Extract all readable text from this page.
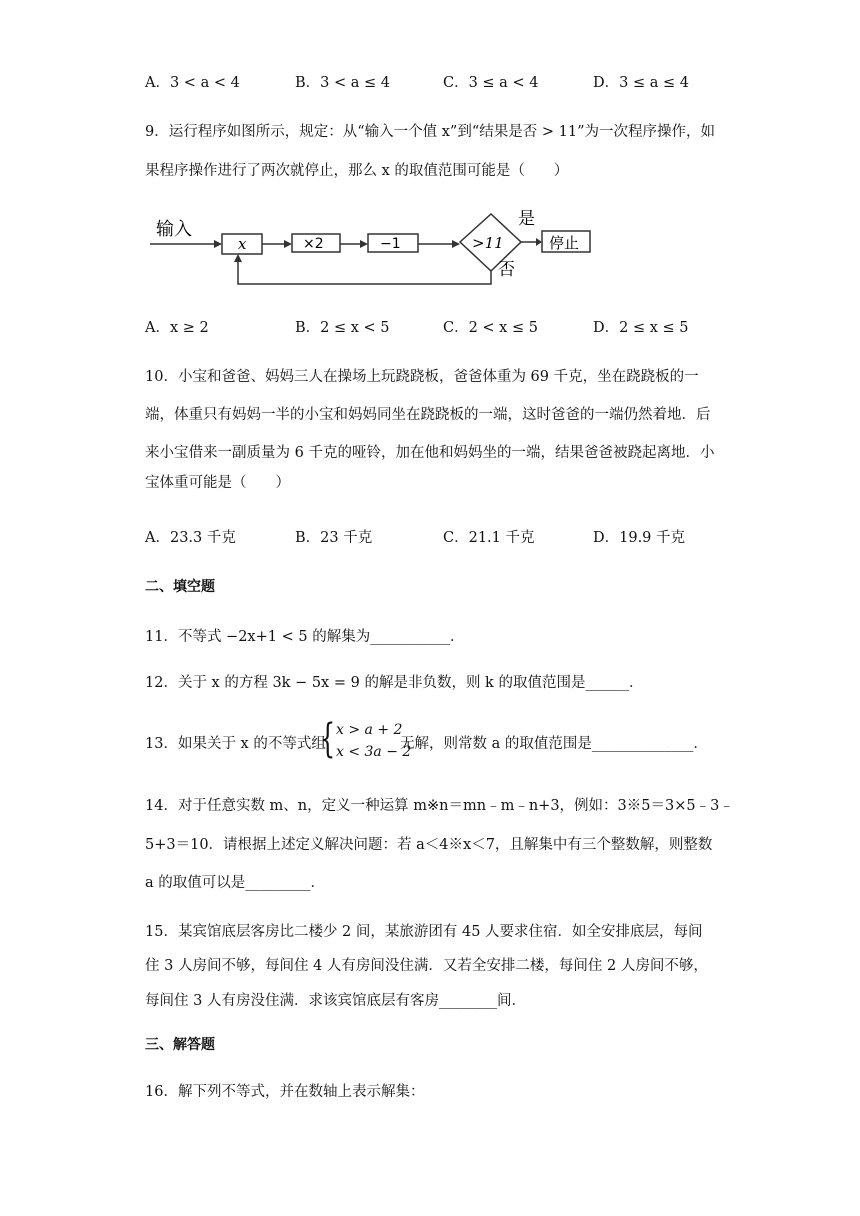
A．3 < a < 4	B．3 < a ≤ 4	C．3 ≤ a < 4	D．3 ≤ a ≤ 4
9．运行程序如图所示，规定：从“输入一个值 x”到“结果是否 > 11”为一次程序操作，如
果程序操作进行了两次就停止，那么 x 的取值范围可能是（　　）
输入
x	×2	−1	>11
是
停止
否
A．x ≥ 2	B．2 ≤ x < 5	C．2 < x ≤ 5	D．2 ≤ x ≤ 5
10．小宝和爸爸、妈妈三人在操场上玩跷跷板，爸爸体重为 69 千克，坐在跷跷板的一
端，体重只有妈妈一半的小宝和妈妈同坐在跷跷板的一端，这时爸爸的一端仍然着地．后
来小宝借来一副质量为 6 千克的哑铃，加在他和妈妈坐的一端，结果爸爸被跷起离地．小
宝体重可能是（　　）
A．23.3 千克	B．23 千克	C．21.1 千克	D．19.9 千克
二、填空题
11．不等式 −2x+1 < 5 的解集为___________．
12．关于 x 的方程 3k − 5x = 9 的解是非负数，则 k 的取值范围是______．
13．如果关于 x 的不等式组
{ x > a + 2
x < 3a − 2
无解，则常数 a 的取值范围是______________．
14．对于任意实数 m、n，定义一种运算 m※n＝mn﹣m﹣n+3，例如：3※5＝3×5﹣3﹣
5+3＝10．请根据上述定义解决问题：若 a＜4※x＜7，且解集中有三个整数解，则整数
a 的取值可以是_________．
15．某宾馆底层客房比二楼少 2 间，某旅游团有 45 人要求住宿．如全安排底层，每间
住 3 人房间不够，每间住 4 人有房间没住满．又若全安排二楼，每间住 2 人房间不够，
每间住 3 人有房没住满．求该宾馆底层有客房________间．
三、解答题
16．解下列不等式，并在数轴上表示解集：
